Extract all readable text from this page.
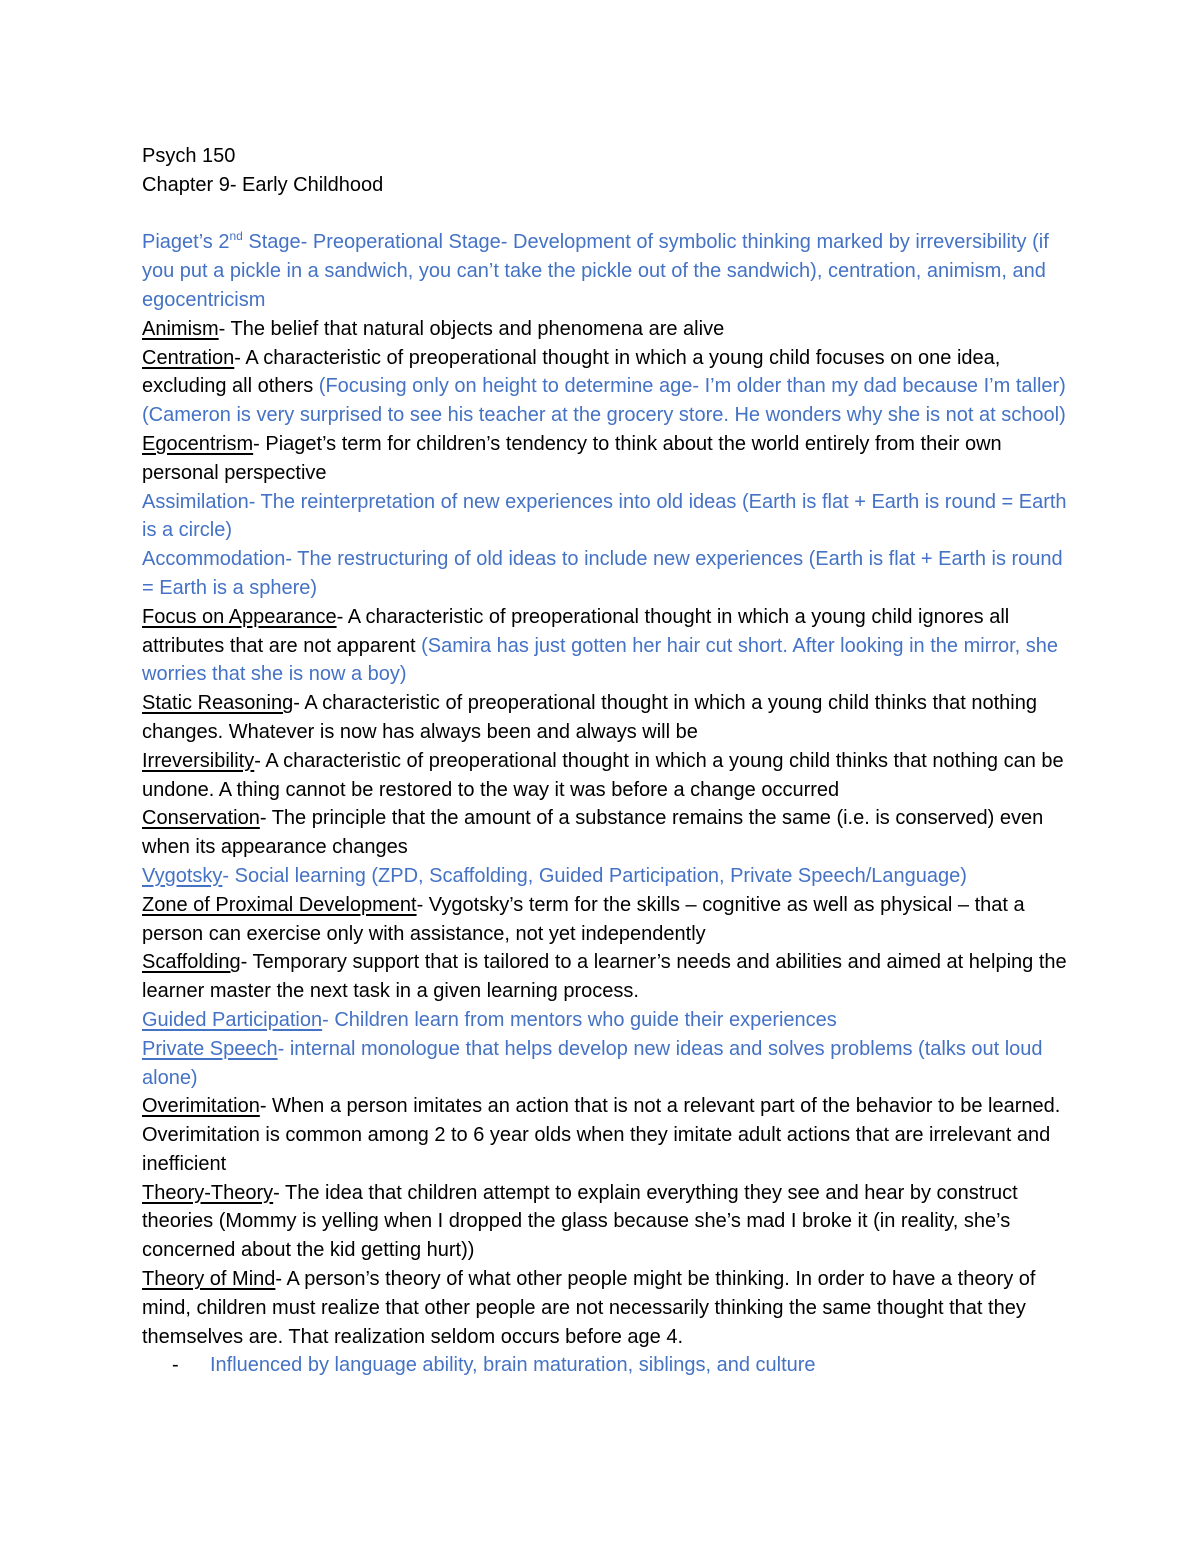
Psych 150
Chapter 9- Early Childhood
Piaget’s 2nd Stage- Preoperational Stage- Development of symbolic thinking marked by irreversibility (if you put a pickle in a sandwich, you can’t take the pickle out of the sandwich), centration, animism, and egocentricism
Animism- The belief that natural objects and phenomena are alive
Centration- A characteristic of preoperational thought in which a young child focuses on one idea, excluding all others (Focusing only on height to determine age- I’m older than my dad because I’m taller) (Cameron is very surprised to see his teacher at the grocery store. He wonders why she is not at school)
Egocentrism- Piaget’s term for children’s tendency to think about the world entirely from their own personal perspective
Assimilation- The reinterpretation of new experiences into old ideas (Earth is flat + Earth is round = Earth is a circle)
Accommodation- The restructuring of old ideas to include new experiences (Earth is flat + Earth is round = Earth is a sphere)
Focus on Appearance- A characteristic of preoperational thought in which a young child ignores all attributes that are not apparent (Samira has just gotten her hair cut short. After looking in the mirror, she worries that she is now a boy)
Static Reasoning- A characteristic of preoperational thought in which a young child thinks that nothing changes. Whatever is now has always been and always will be
Irreversibility- A characteristic of preoperational thought in which a young child thinks that nothing can be undone. A thing cannot be restored to the way it was before a change occurred
Conservation- The principle that the amount of a substance remains the same (i.e. is conserved) even when its appearance changes
Vygotsky- Social learning (ZPD, Scaffolding, Guided Participation, Private Speech/Language)
Zone of Proximal Development- Vygotsky’s term for the skills – cognitive as well as physical – that a person can exercise only with assistance, not yet independently
Scaffolding- Temporary support that is tailored to a learner’s needs and abilities and aimed at helping the learner master the next task in a given learning process.
Guided Participation- Children learn from mentors who guide their experiences
Private Speech- internal monologue that helps develop new ideas and solves problems (talks out loud alone)
Overimitation- When a person imitates an action that is not a relevant part of the behavior to be learned. Overimitation is common among 2 to 6 year olds when they imitate adult actions that are irrelevant and inefficient
Theory-Theory- The idea that children attempt to explain everything they see and hear by construct theories (Mommy is yelling when I dropped the glass because she’s mad I broke it (in reality, she’s concerned about the kid getting hurt))
Theory of Mind- A person’s theory of what other people might be thinking. In order to have a theory of mind, children must realize that other people are not necessarily thinking the same thought that they themselves are. That realization seldom occurs before age 4.
- Influenced by language ability, brain maturation, siblings, and culture
